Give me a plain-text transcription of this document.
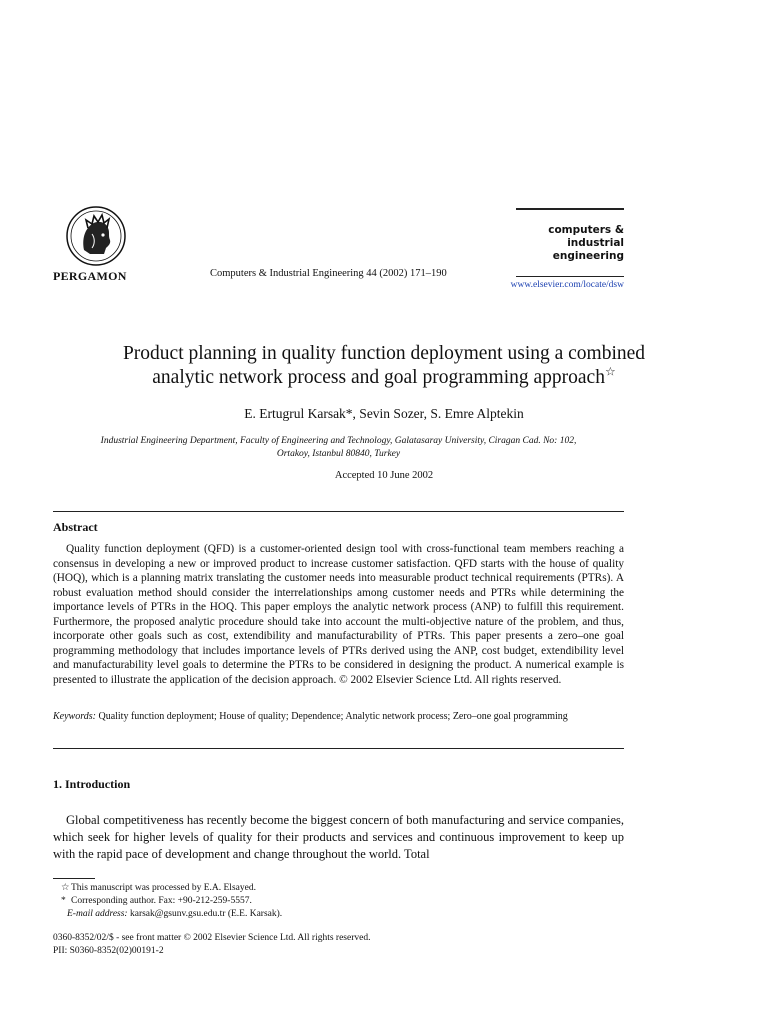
PERGAMON	Computers & Industrial Engineering 44 (2002) 171–190
computers &
industrial
engineering
www.elsevier.com/locate/dsw
Product planning in quality function deployment using a combined
analytic network process and goal programming approach☆
E. Ertugrul Karsak*, Sevin Sozer, S. Emre Alptekin
Industrial Engineering Department, Faculty of Engineering and Technology, Galatasaray University, Ciragan Cad. No: 102,
Ortakoy, Istanbul 80840, Turkey
Accepted 10 June 2002
Abstract
Quality function deployment (QFD) is a customer-oriented design tool with cross-functional team members reaching a consensus in developing a new or improved product to increase customer satisfaction. QFD starts with the house of quality (HOQ), which is a planning matrix translating the customer needs into measurable product technical requirements (PTRs). A robust evaluation method should consider the interrelationships among customer needs and PTRs while determining the importance levels of PTRs in the HOQ. This paper employs the analytic network process (ANP) to fulfill this requirement. Furthermore, the proposed analytic procedure should take into account the multi-objective nature of the problem, and thus, incorporate other goals such as cost, extendibility and manufacturability of PTRs. This paper presents a zero–one goal programming methodology that includes importance levels of PTRs derived using the ANP, cost budget, extendibility level and manufacturability level goals to determine the PTRs to be considered in designing the product. A numerical example is presented to illustrate the application of the decision approach. © 2002 Elsevier Science Ltd. All rights reserved.
Keywords: Quality function deployment; House of quality; Dependence; Analytic network process; Zero–one goal programming
1. Introduction
Global competitiveness has recently become the biggest concern of both manufacturing and service companies, which seek for higher levels of quality for their products and services and continuous improvement to keep up with the rapid pace of development and change throughout the world. Total
☆This manuscript was processed by E.A. Elsayed.
* Corresponding author. Fax: +90-212-259-5557.
E-mail address: karsak@gsunv.gsu.edu.tr (E.E. Karsak).
0360-8352/02/$ - see front matter © 2002 Elsevier Science Ltd. All rights reserved.
PII: S0360-8352(02)00191-2
